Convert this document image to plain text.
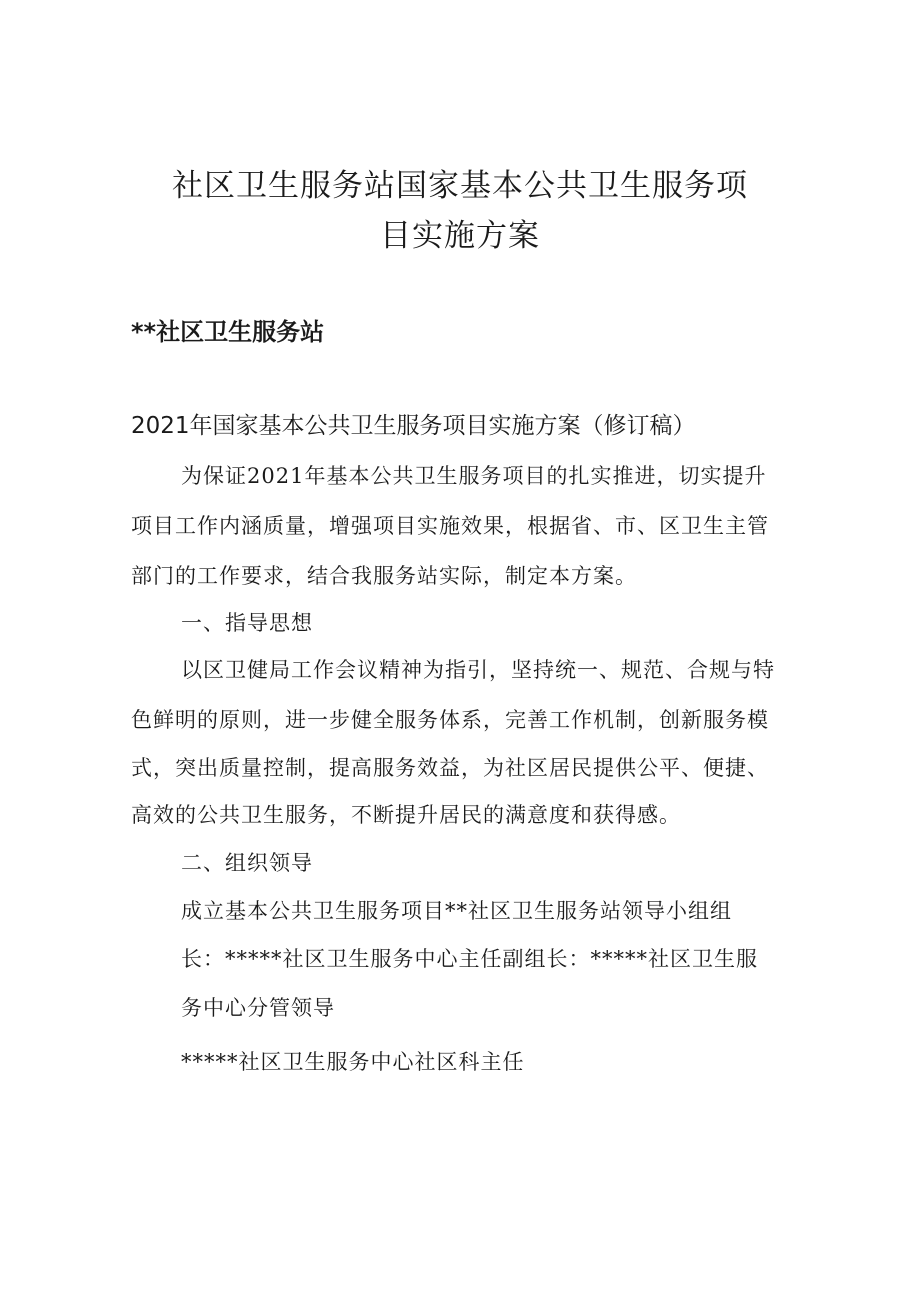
社区卫生服务站国家基本公共卫生服务项
目实施方案
**社区卫生服务站
2021年国家基本公共卫生服务项目实施方案（修订稿）
为保证2021年基本公共卫生服务项目的扎实推进，切实提升
项目工作内涵质量，增强项目实施效果，根据省、市、区卫生主管
部门的工作要求，结合我服务站实际，制定本方案。
一、指导思想
以区卫健局工作会议精神为指引，坚持统一、规范、合规与特
色鲜明的原则，进一步健全服务体系，完善工作机制，创新服务模
式，突出质量控制，提高服务效益，为社区居民提供公平、便捷、
高效的公共卫生服务，不断提升居民的满意度和获得感。
二、组织领导
成立基本公共卫生服务项目**社区卫生服务站领导小组组
长：*****社区卫生服务中心主任副组长：*****社区卫生服
务中心分管领导
*****社区卫生服务中心社区科主任
